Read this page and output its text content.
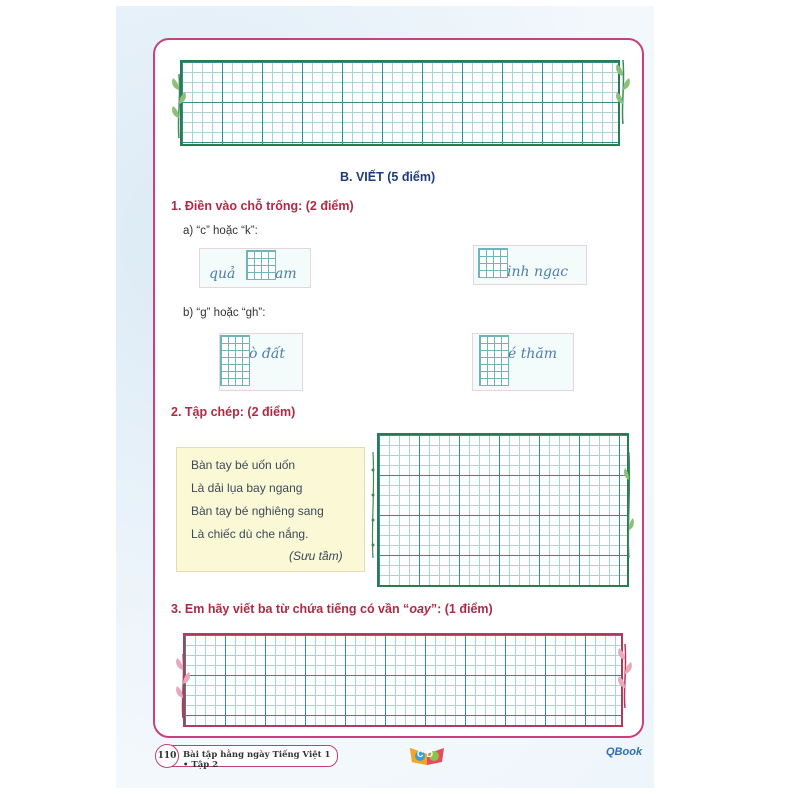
B. VIẾT (5 điểm)
1. Điền vào chỗ trống: (2 điểm)
a) “c” hoặc “k”:
quả	am	inh ngạc
b) “g” hoặc “gh”:
ò đất	é thăm
2. Tập chép: (2 điểm)
Bàn tay bé uốn uốn
Là dải lụa bay ngang
Bàn tay bé nghiêng sang
Là chiếc dù che nắng.
(Sưu tầm)
3. Em hãy viết ba từ chứa tiếng có vần “oay”: (1 điểm)
110 Bài tập hằng ngày Tiếng Việt 1 • Tập 2
CD	QBook
